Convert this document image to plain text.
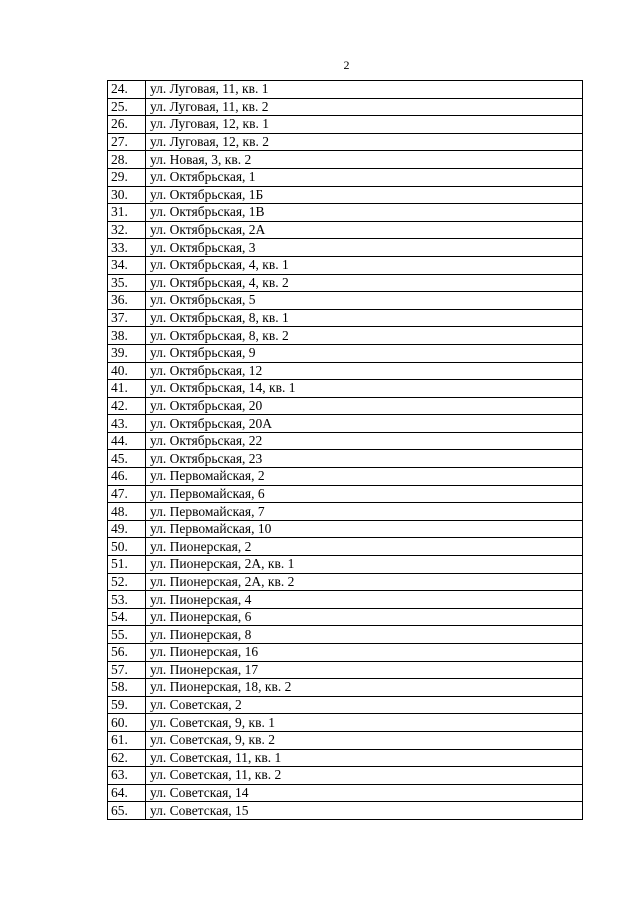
2
24.	ул. Луговая, 11, кв. 1
25.	ул. Луговая, 11, кв. 2
26.	ул. Луговая, 12, кв. 1
27.	ул. Луговая, 12, кв. 2
28.	ул. Новая, 3, кв. 2
29.	ул. Октябрьская, 1
30.	ул. Октябрьская, 1Б
31.	ул. Октябрьская, 1В
32.	ул. Октябрьская, 2А
33.	ул. Октябрьская, 3
34.	ул. Октябрьская, 4, кв. 1
35.	ул. Октябрьская, 4, кв. 2
36.	ул. Октябрьская, 5
37.	ул. Октябрьская, 8, кв. 1
38.	ул. Октябрьская, 8, кв. 2
39.	ул. Октябрьская, 9
40.	ул. Октябрьская, 12
41.	ул. Октябрьская, 14, кв. 1
42.	ул. Октябрьская, 20
43.	ул. Октябрьская, 20А
44.	ул. Октябрьская, 22
45.	ул. Октябрьская, 23
46.	ул. Первомайская, 2
47.	ул. Первомайская, 6
48.	ул. Первомайская, 7
49.	ул. Первомайская, 10
50.	ул. Пионерская, 2
51.	ул. Пионерская, 2А, кв. 1
52.	ул. Пионерская, 2А, кв. 2
53.	ул. Пионерская, 4
54.	ул. Пионерская, 6
55.	ул. Пионерская, 8
56.	ул. Пионерская, 16
57.	ул. Пионерская, 17
58.	ул. Пионерская, 18, кв. 2
59.	ул. Советская, 2
60.	ул. Советская, 9, кв. 1
61.	ул. Советская, 9, кв. 2
62.	ул. Советская, 11, кв. 1
63.	ул. Советская, 11, кв. 2
64.	ул. Советская, 14
65.	ул. Советская, 15
